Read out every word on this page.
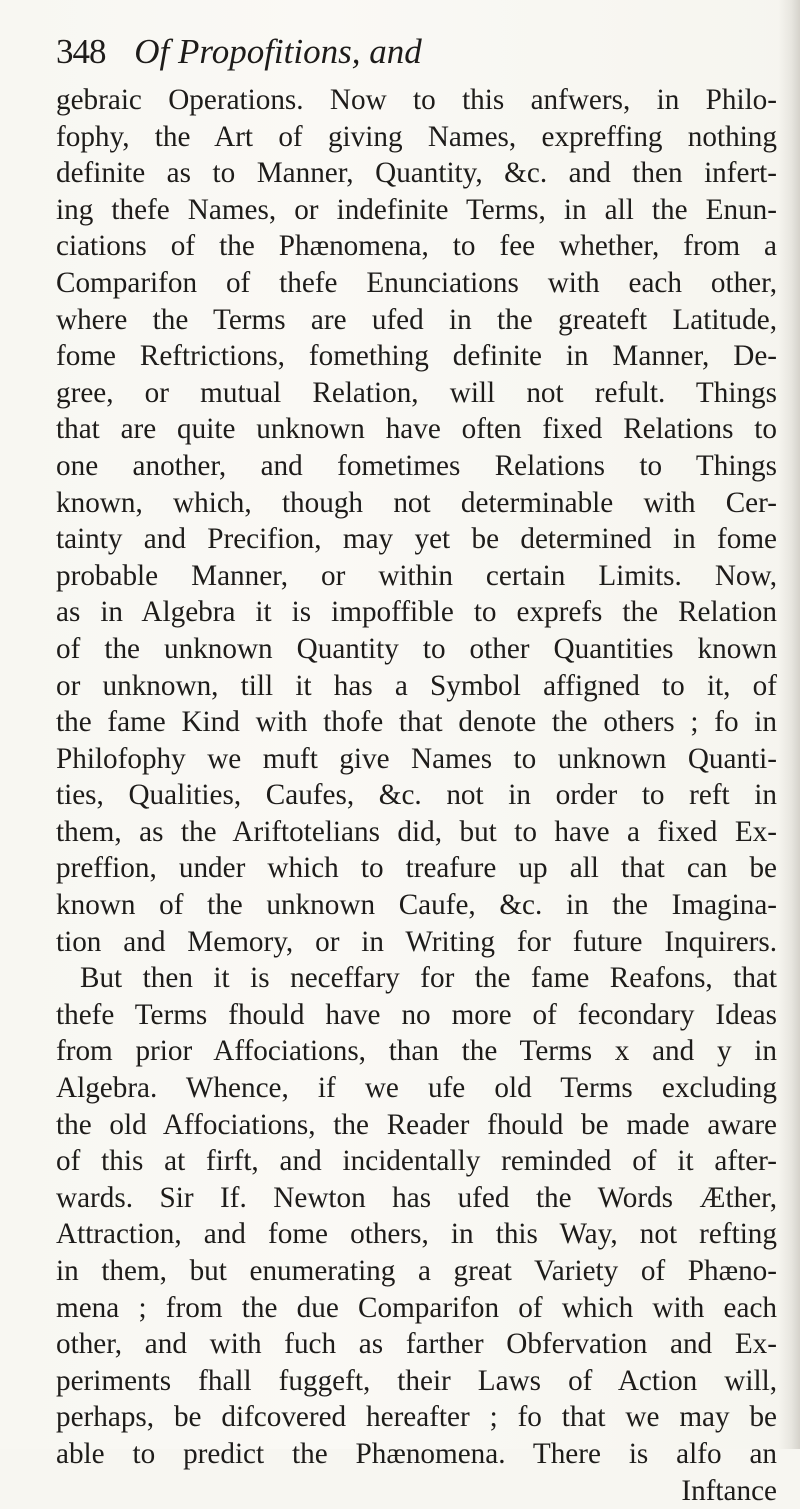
348 Of Propofitions, and
gebraic Operations. Now to this anfwers, in Philo-
fophy, the Art of giving Names, expreffing nothing
definite as to Manner, Quantity, &c. and then infert-
ing thefe Names, or indefinite Terms, in all the Enun-
ciations of the Phænomena, to fee whether, from a
Comparifon of thefe Enunciations with each other,
where the Terms are ufed in the greateft Latitude,
fome Reftrictions, fomething definite in Manner, De-
gree, or mutual Relation, will not refult. Things
that are quite unknown have often fixed Relations to
one another, and fometimes Relations to Things
known, which, though not determinable with Cer-
tainty and Precifion, may yet be determined in fome
probable Manner, or within certain Limits. Now,
as in Algebra it is impoffible to exprefs the Relation
of the unknown Quantity to other Quantities known
or unknown, till it has a Symbol affigned to it, of
the fame Kind with thofe that denote the others ; fo in
Philofophy we muft give Names to unknown Quanti-
ties, Qualities, Caufes, &c. not in order to reft in
them, as the Ariftotelians did, but to have a fixed Ex-
preffion, under which to treafure up all that can be
known of the unknown Caufe, &c. in the Imagina-
tion and Memory, or in Writing for future Inquirers.
But then it is neceffary for the fame Reafons, that
thefe Terms fhould have no more of fecondary Ideas
from prior Affociations, than the Terms x and y in
Algebra. Whence, if we ufe old Terms excluding
the old Affociations, the Reader fhould be made aware
of this at firft, and incidentally reminded of it after-
wards. Sir If. Newton has ufed the Words Æther,
Attraction, and fome others, in this Way, not refting
in them, but enumerating a great Variety of Phæno-
mena ; from the due Comparifon of which with each
other, and with fuch as farther Obfervation and Ex-
periments fhall fuggeft, their Laws of Action will,
perhaps, be difcovered hereafter ; fo that we may be
able to predict the Phænomena. There is alfo an
Inftance
